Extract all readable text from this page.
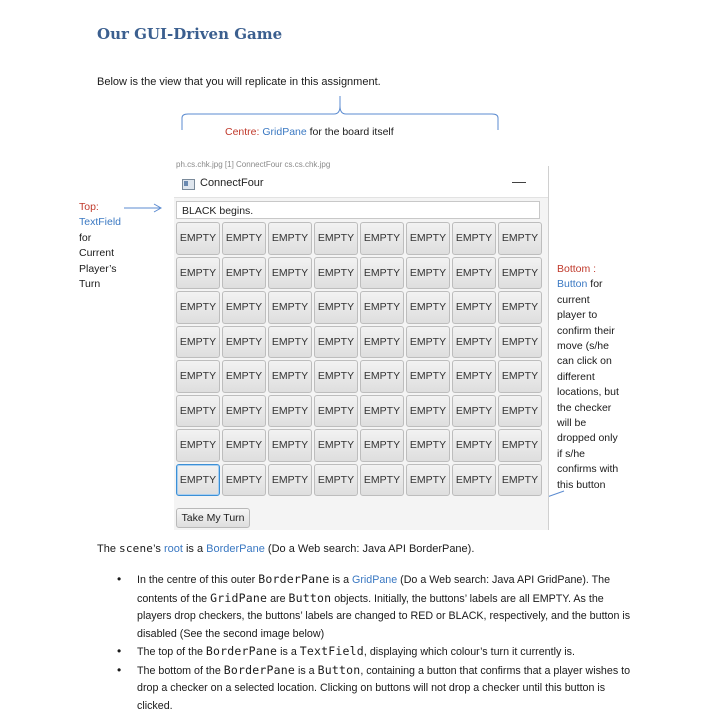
Our GUI-Driven Game
Below is the view that you will replicate in this assignment.
Centre: GridPane for the board itself
Top:
TextField
for
Current
Player’s
Turn
Bottom :
Button for
current
player to
confirm their
move (s/he
can click on
different
locations, but
the checker
will be
dropped only
if s/he
confirms with
this button
ph.cs.chk.jpg [1] ConnectFour cs.cs.chk.jpg
ConnectFour	—
BLACK begins.
EMPTY EMPTY EMPTY EMPTY EMPTY EMPTY EMPTY EMPTY
EMPTY EMPTY EMPTY EMPTY EMPTY EMPTY EMPTY EMPTY
EMPTY EMPTY EMPTY EMPTY EMPTY EMPTY EMPTY EMPTY
EMPTY EMPTY EMPTY EMPTY EMPTY EMPTY EMPTY EMPTY
EMPTY EMPTY EMPTY EMPTY EMPTY EMPTY EMPTY EMPTY
EMPTY EMPTY EMPTY EMPTY EMPTY EMPTY EMPTY EMPTY
EMPTY EMPTY EMPTY EMPTY EMPTY EMPTY EMPTY EMPTY
EMPTY EMPTY EMPTY EMPTY EMPTY EMPTY EMPTY EMPTY
Take My Turn
The scene’s root is a BorderPane (Do a Web search: Java API BorderPane).
• In the centre of this outer BorderPane is a GridPane (Do a Web search: Java API GridPane). The contents of the GridPane are Button objects. Initially, the buttons’ labels are all EMPTY. As the players drop checkers, the buttons’ labels are changed to RED or BLACK, respectively, and the button is disabled (See the second image below)
• The top of the BorderPane is a TextField, displaying which colour’s turn it currently is.
• The bottom of the BorderPane is a Button, containing a button that confirms that a player wishes to drop a checker on a selected location. Clicking on buttons will not drop a checker until this button is clicked.
